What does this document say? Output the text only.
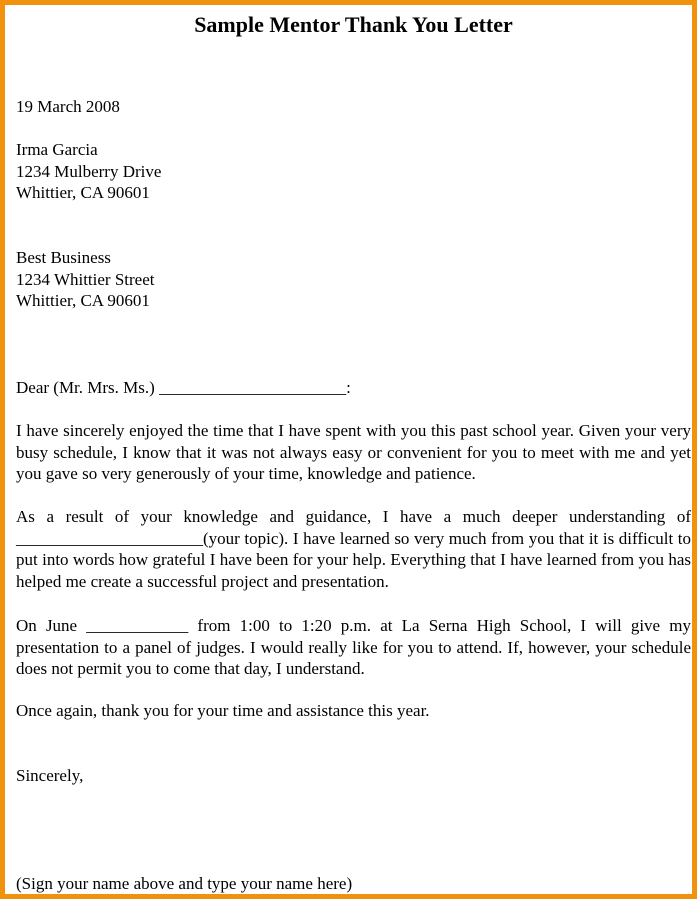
Sample Mentor Thank You Letter

19 March 2008

Irma Garcia

1234 Mulberry Drive

Whittier, CA 90601

Best Business

1234 Whittier Street

Whittier, CA 90601

Dear (Mr. Mrs. Ms.) ______________________:

I have sincerely enjoyed the time that I have spent with you this past school year. Given your very busy schedule, I know that it was not always easy or convenient for you to meet with me and yet you gave so very generously of your time, knowledge and patience.

As a result of your knowledge and guidance, I have a much deeper understanding of ______________________(your topic). I have learned so very much from you that it is difficult to put into words how grateful I have been for your help. Everything that I have learned from you has helped me create a successful project and presentation.

On June ____________ from 1:00 to 1:20 p.m. at La Serna High School, I will give my presentation to a panel of judges. I would really like for you to attend. If, however, your schedule does not permit you to come that day, I understand.

Once again, thank you for your time and assistance this year.

Sincerely,

(Sign your name above and type your name here)
